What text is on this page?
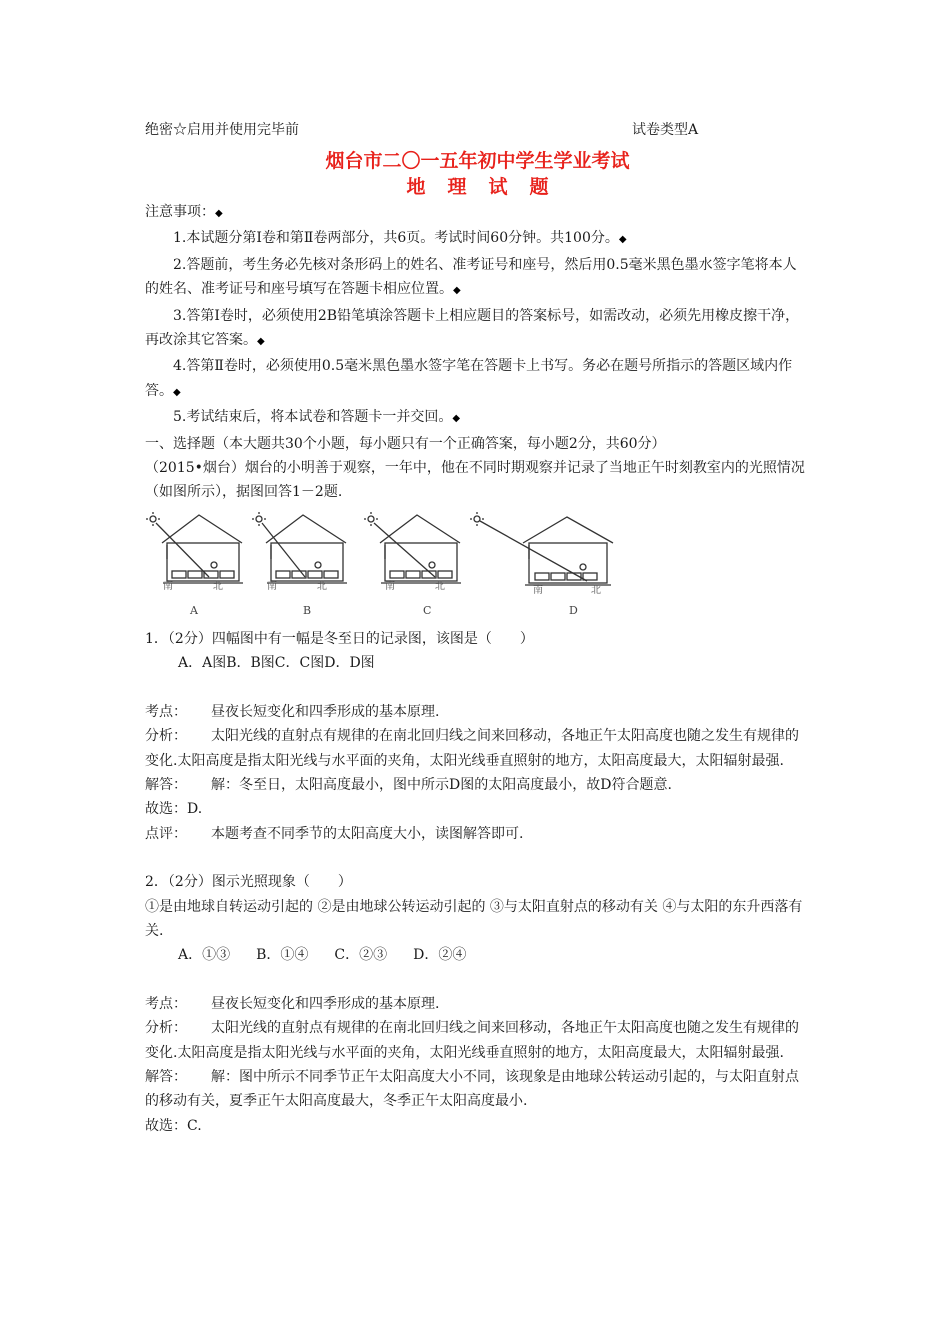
绝密☆启用并使用完毕前	试卷类型A
烟台市二〇一五年初中学生学业考试
地理试题

注意事项：◆

1.本试题分第Ⅰ卷和第Ⅱ卷两部分，共6页。考试时间60分钟。共100分。◆

2.答题前，考生务必先核对条形码上的姓名、准考证号和座号，然后用0.5毫米黑色墨水签字笔将本人的姓名、准考证号和座号填写在答题卡相应位置。◆

3.答第Ⅰ卷时，必须使用2B铅笔填涂答题卡上相应题目的答案标号，如需改动，必须先用橡皮擦干净，再改涂其它答案。◆

4.答第Ⅱ卷时，必须使用0.5毫米黑色墨水签字笔在答题卡上书写。务必在题号所指示的答题区域内作答。◆

5.考试结束后，将本试卷和答题卡一并交回。◆

一、选择题（本大题共30个小题，每小题只有一个正确答案，每小题2分，共60分）

（2015•烟台）烟台的小明善于观察，一年中，他在不同时期观察并记录了当地正午时刻教室内的光照情况（如图所示），据图回答1－2题.

南	北
A
南	北
B
南	北
C
南	北
D

1．（2分）四幅图中有一幅是冬至日的记录图，该图是（　　）

A．A图B．B图C．C图D．D图

考点： 昼夜长短变化和四季形成的基本原理.

分析： 太阳光线的直射点有规律的在南北回归线之间来回移动，各地正午太阳高度也随之发生有规律的变化.太阳高度是指太阳光线与水平面的夹角，太阳光线垂直照射的地方，太阳高度最大，太阳辐射最强.

解答： 解：冬至日，太阳高度最小，图中所示D图的太阳高度最小，故D符合题意.

故选：D.

点评： 本题考查不同季节的太阳高度大小，读图解答即可.

2．（2分）图示光照现象（　　）

①是由地球自转运动引起的 ②是由地球公转运动引起的 ③与太阳直射点的移动有关 ④与太阳的东升西落有关.

A．①③ B．①④ C．②③ D．②④

考点： 昼夜长短变化和四季形成的基本原理.

分析： 太阳光线的直射点有规律的在南北回归线之间来回移动，各地正午太阳高度也随之发生有规律的变化.太阳高度是指太阳光线与水平面的夹角，太阳光线垂直照射的地方，太阳高度最大，太阳辐射最强.

解答： 解：图中所示不同季节正午太阳高度大小不同，该现象是由地球公转运动引起的，与太阳直射点的移动有关，夏季正午太阳高度最大，冬季正午太阳高度最小.

故选：C.
